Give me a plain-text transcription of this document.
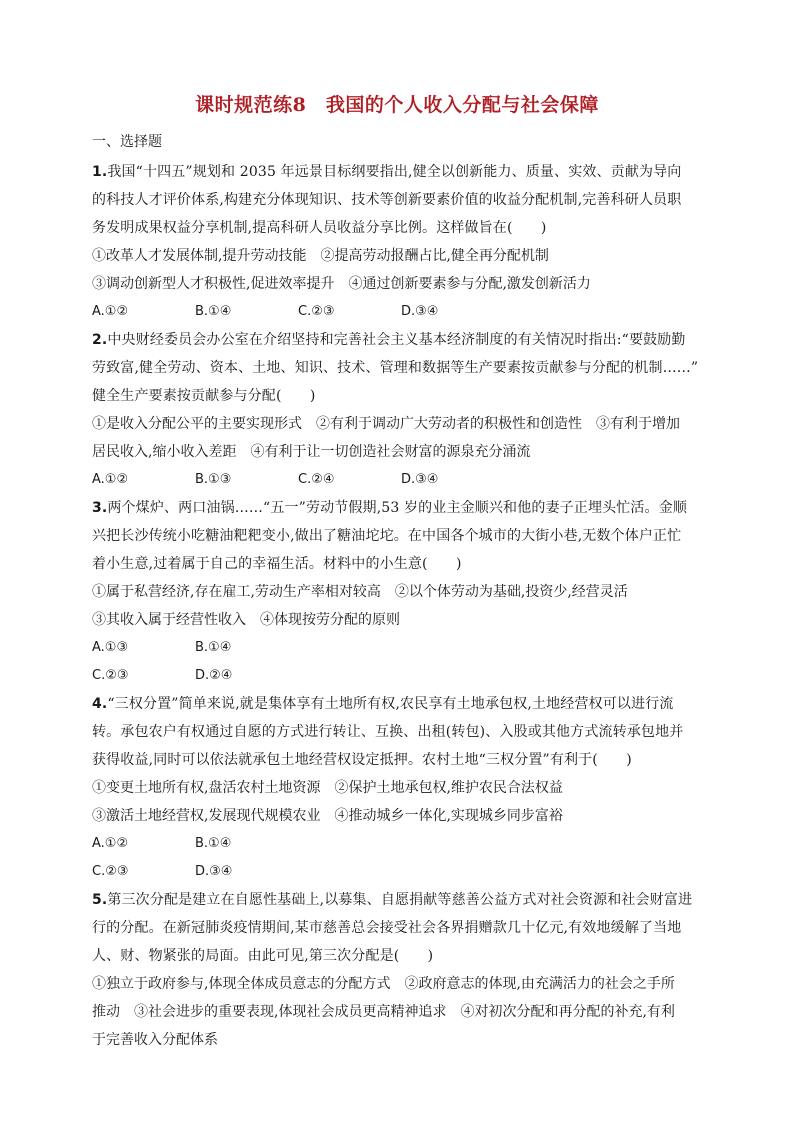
课时规范练8　我国的个人收入分配与社会保障
一、选择题
1.我国“十四五”规划和 2035 年远景目标纲要指出,健全以创新能力、质量、实效、贡献为导向
的科技人才评价体系,构建充分体现知识、技术等创新要素价值的收益分配机制,完善科研人员职
务发明成果权益分享机制,提高科研人员收益分享比例。这样做旨在(　　)
①改革人才发展体制,提升劳动技能　②提高劳动报酬占比,健全再分配机制
③调动创新型人才积极性,促进效率提升　④通过创新要素参与分配,激发创新活力
A.①②	B.①④	C.②③	D.③④
2.中央财经委员会办公室在介绍坚持和完善社会主义基本经济制度的有关情况时指出:“要鼓励勤
劳致富,健全劳动、资本、土地、知识、技术、管理和数据等生产要素按贡献参与分配的机制……”
健全生产要素按贡献参与分配(　　)
①是收入分配公平的主要实现形式　②有利于调动广大劳动者的积极性和创造性　③有利于增加
居民收入,缩小收入差距　④有利于让一切创造社会财富的源泉充分涌流
A.①②	B.①③	C.②④	D.③④
3.两个煤炉、两口油锅……“五一”劳动节假期,53 岁的业主金顺兴和他的妻子正埋头忙活。金顺
兴把长沙传统小吃糖油粑粑变小,做出了糖油坨坨。在中国各个城市的大街小巷,无数个体户正忙
着小生意,过着属于自己的幸福生活。材料中的小生意(　　)
①属于私营经济,存在雇工,劳动生产率相对较高　②以个体劳动为基础,投资少,经营灵活
③其收入属于经营性收入　④体现按劳分配的原则
A.①③	B.①④
C.②③	D.②④
4.“三权分置”简单来说,就是集体享有土地所有权,农民享有土地承包权,土地经营权可以进行流
转。承包农户有权通过自愿的方式进行转让、互换、出租(转包)、入股或其他方式流转承包地并
获得收益,同时可以依法就承包土地经营权设定抵押。农村土地“三权分置”有利于(　　)
①变更土地所有权,盘活农村土地资源　②保护土地承包权,维护农民合法权益
③激活土地经营权,发展现代规模农业　④推动城乡一体化,实现城乡同步富裕
A.①②	B.①④
C.②③	D.③④
5.第三次分配是建立在自愿性基础上,以募集、自愿捐献等慈善公益方式对社会资源和社会财富进
行的分配。在新冠肺炎疫情期间,某市慈善总会接受社会各界捐赠款几十亿元,有效地缓解了当地
人、财、物紧张的局面。由此可见,第三次分配是(　　)
①独立于政府参与,体现全体成员意志的分配方式　②政府意志的体现,由充满活力的社会之手所
推动　③社会进步的重要表现,体现社会成员更高精神追求　④对初次分配和再分配的补充,有利
于完善收入分配体系
